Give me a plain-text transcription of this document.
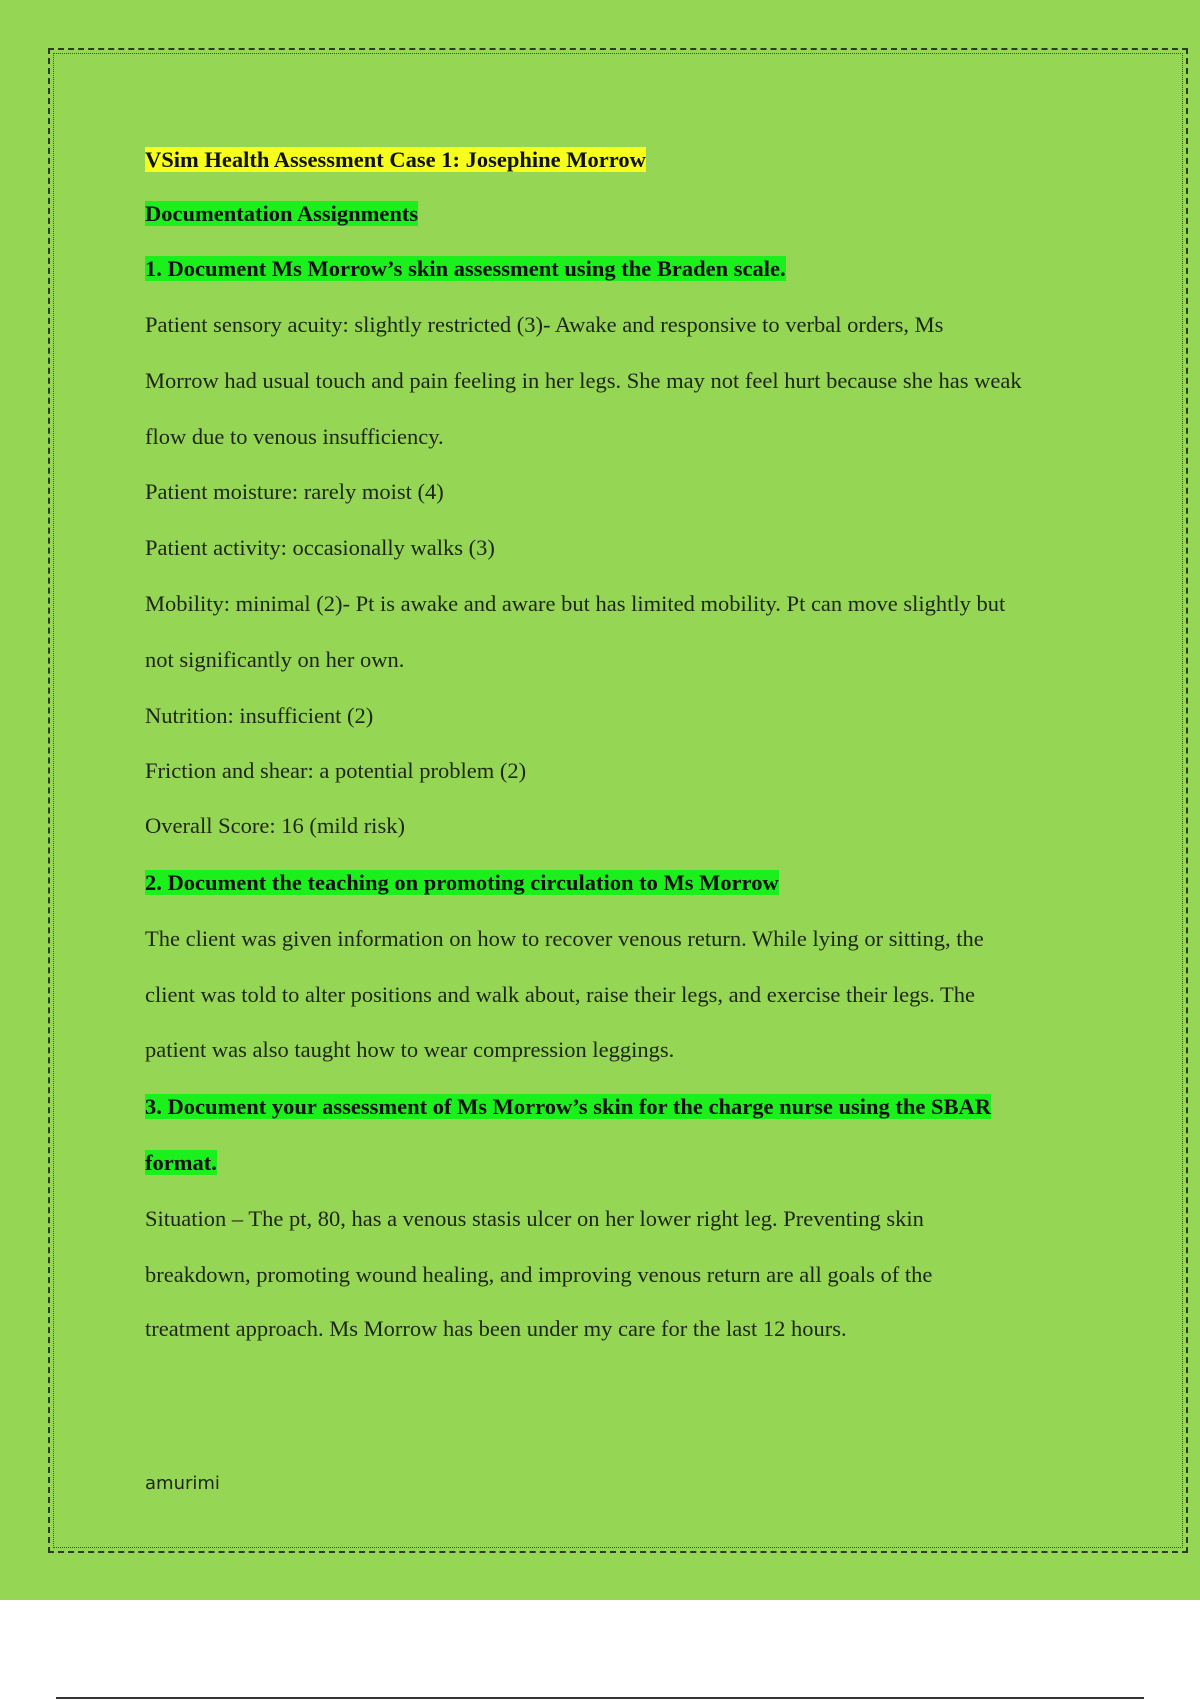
VSim Health Assessment Case 1: Josephine Morrow
Documentation Assignments
1. Document Ms Morrow’s skin assessment using the Braden scale.
Patient sensory acuity: slightly restricted (3)- Awake and responsive to verbal orders, Ms
Morrow had usual touch and pain feeling in her legs. She may not feel hurt because she has weak
flow due to venous insufficiency.
Patient moisture: rarely moist (4)
Patient activity: occasionally walks (3)
Mobility: minimal (2)- Pt is awake and aware but has limited mobility. Pt can move slightly but
not significantly on her own.
Nutrition: insufficient (2)
Friction and shear: a potential problem (2)
Overall Score: 16 (mild risk)
2. Document the teaching on promoting circulation to Ms Morrow
The client was given information on how to recover venous return. While lying or sitting, the
client was told to alter positions and walk about, raise their legs, and exercise their legs. The
patient was also taught how to wear compression leggings.
3. Document your assessment of Ms Morrow’s skin for the charge nurse using the SBAR
format.
Situation – The pt, 80, has a venous stasis ulcer on her lower right leg. Preventing skin
breakdown, promoting wound healing, and improving venous return are all goals of the
treatment approach. Ms Morrow has been under my care for the last 12 hours.
amurimi
